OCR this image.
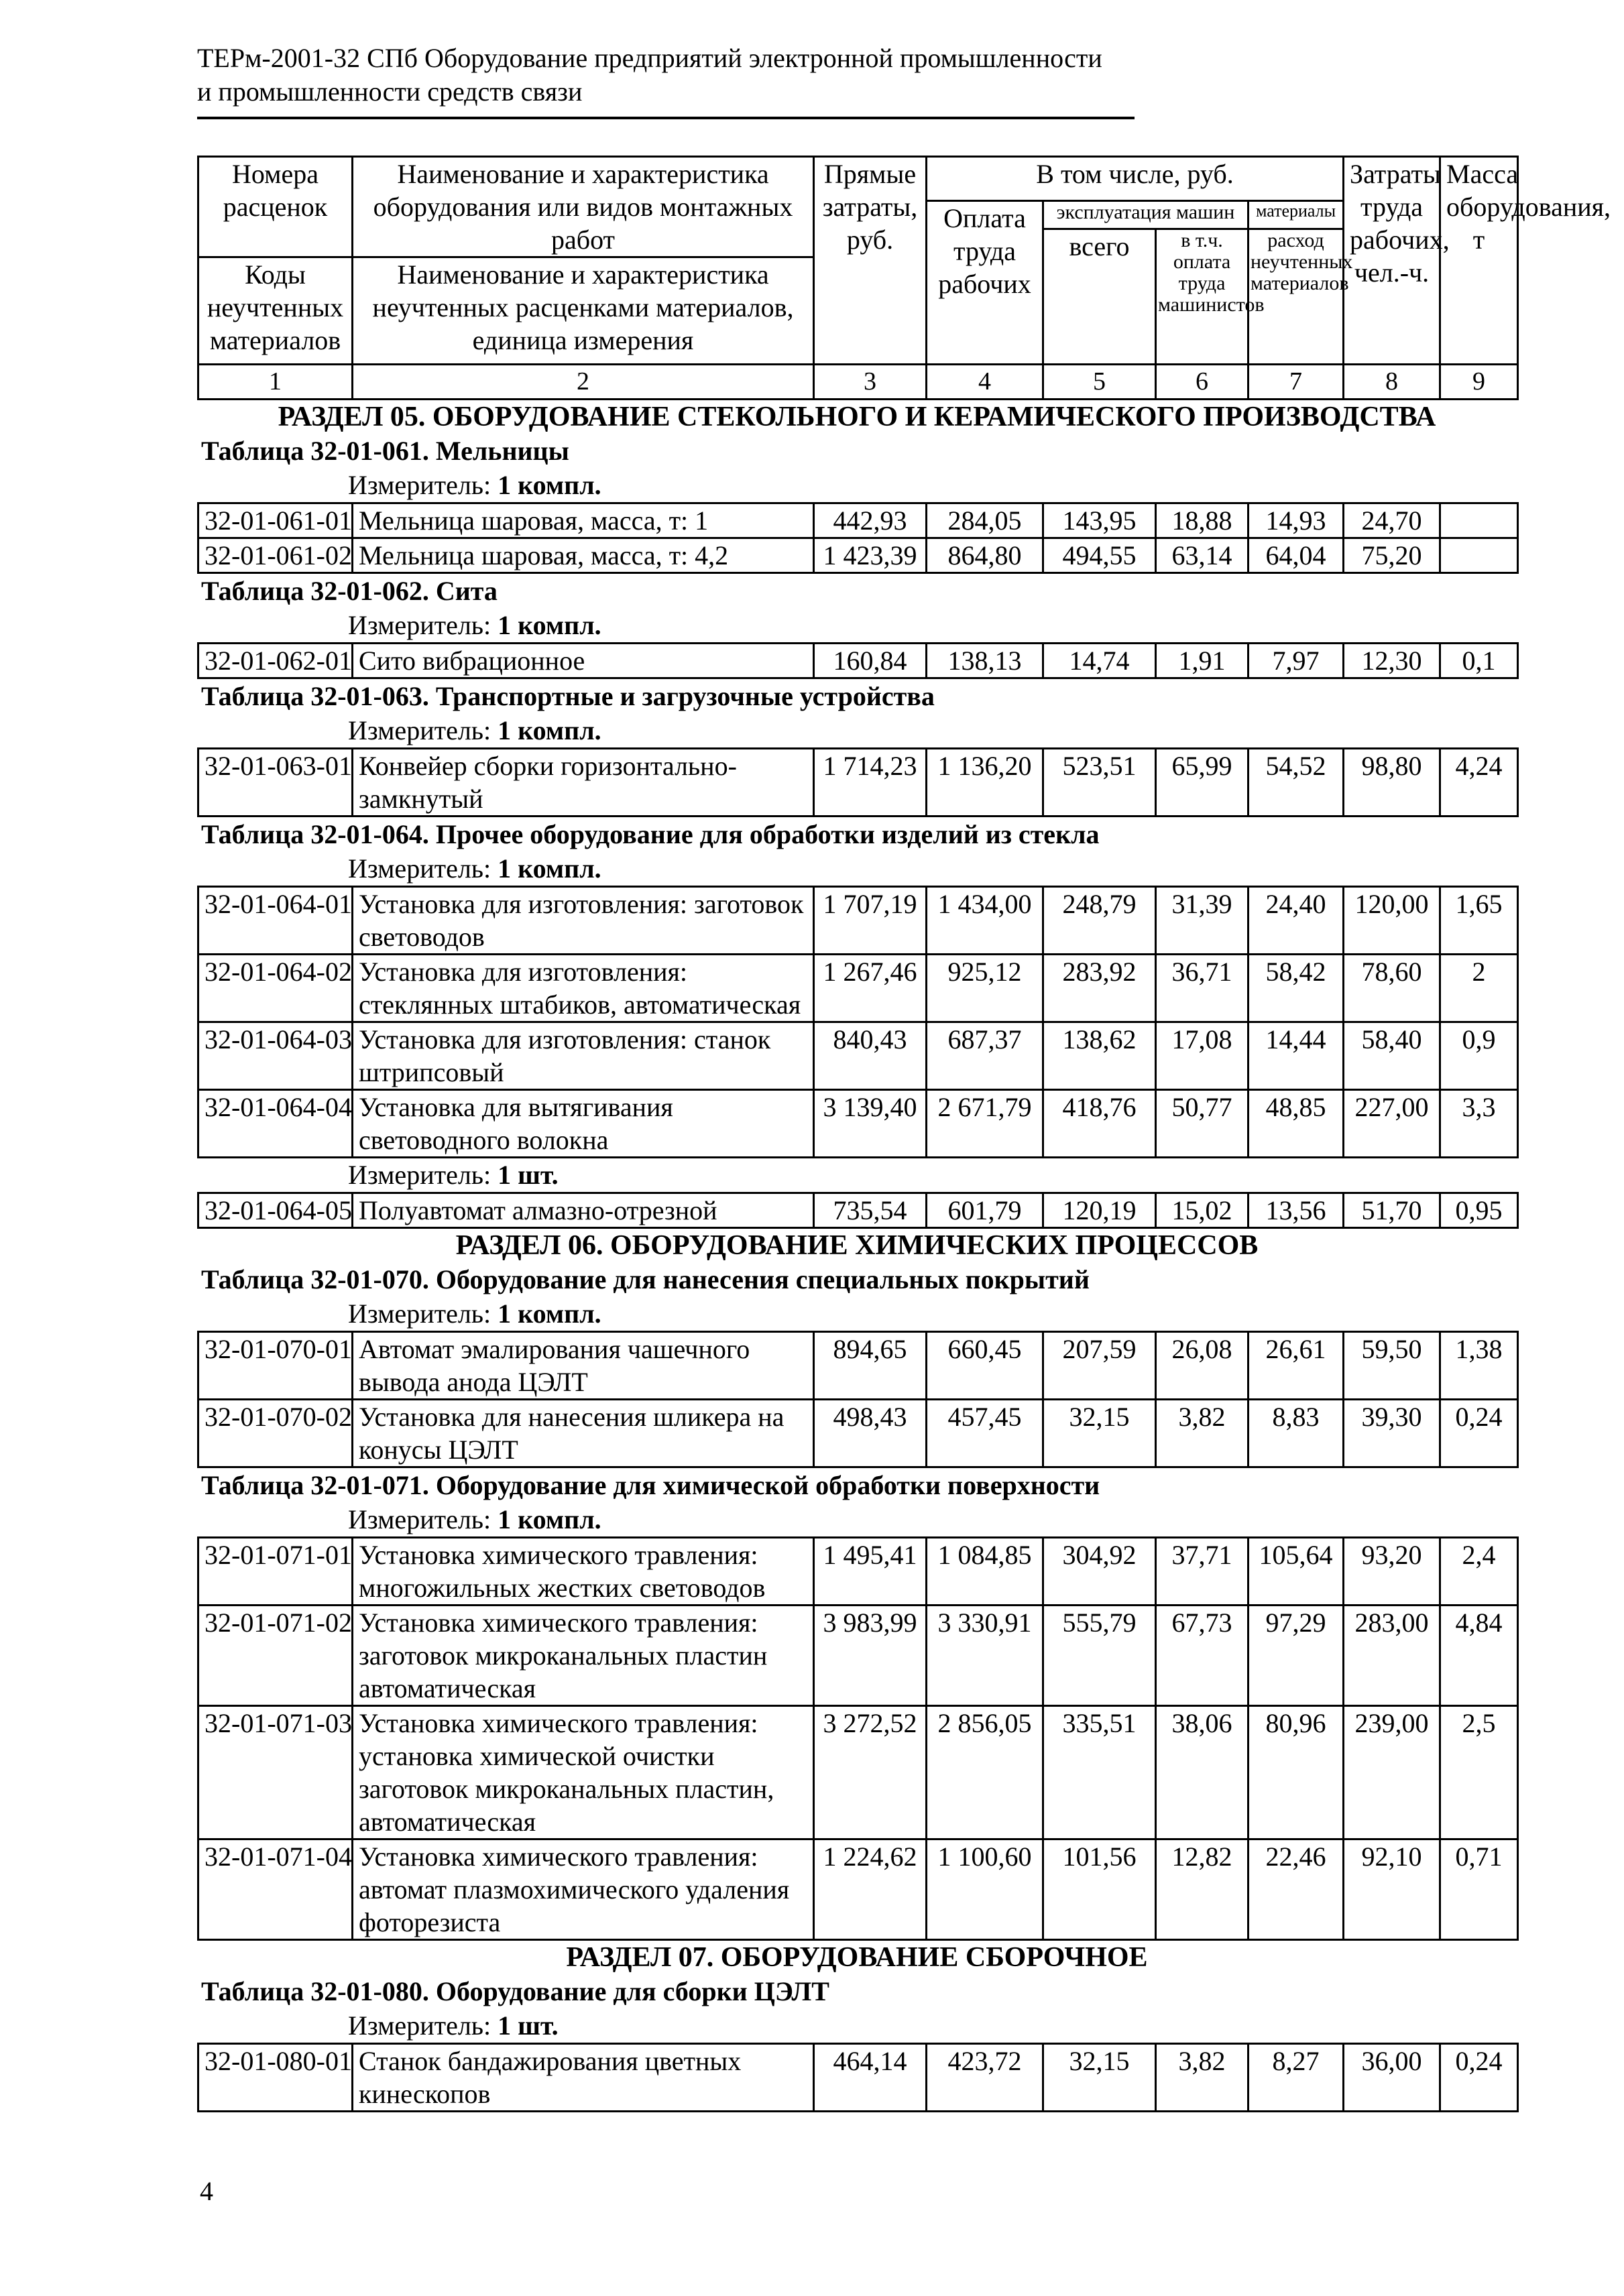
ТЕРм-2001-32 СПб Оборудование предприятий электронной промышленности
и промышленности средств связи
Номера расценок	Наименование и характеристика оборудования или видов монтажных работ	Прямые затраты, руб.	В том числе, руб.				Затраты труда рабочих, чел.-ч.	Масса оборудования, т
			Оплата труда рабочих	эксплуатация машин		материалы		
				всего	в т.ч. оплата труда машинистов	расход неучтенных материалов		
Коды неучтенных материалов	Наименование и характеристика неучтенных расценками материалов, единица измерения							

1	2	3	4	5	6	7	8	9
РАЗДЕЛ 05. ОБОРУДОВАНИЕ СТЕКОЛЬНОГО И КЕРАМИЧЕСКОГО ПРОИЗВОДСТВА
Таблица 32-01-061. Мельницы
Измеритель: 1 компл.
32-01-061-01	Мельница шаровая, масса, т: 1	442,93	284,05	143,95	18,88	14,93	24,70	
32-01-061-02	Мельница шаровая, масса, т: 4,2	1 423,39	864,80	494,55	63,14	64,04	75,20	
Таблица 32-01-062. Сита
Измеритель: 1 компл.
32-01-062-01	Сито вибрационное	160,84	138,13	14,74	1,91	7,97	12,30	0,1
Таблица 32-01-063. Транспортные и загрузочные устройства
Измеритель: 1 компл.
32-01-063-01	Конвейер сборки горизонтально-замкнутый	1 714,23	1 136,20	523,51	65,99	54,52	98,80	4,24
Таблица 32-01-064. Прочее оборудование для обработки изделий из стекла
Измеритель: 1 компл.
32-01-064-01	Установка для изготовления: заготовок световодов	1 707,19	1 434,00	248,79	31,39	24,40	120,00	1,65
32-01-064-02	Установка для изготовления: стеклянных штабиков, автоматическая	1 267,46	925,12	283,92	36,71	58,42	78,60	2
32-01-064-03	Установка для изготовления: станок штрипсовый	840,43	687,37	138,62	17,08	14,44	58,40	0,9
32-01-064-04	Установка для вытягивания световодного волокна	3 139,40	2 671,79	418,76	50,77	48,85	227,00	3,3
Измеритель: 1 шт.
32-01-064-05	Полуавтомат алмазно-отрезной	735,54	601,79	120,19	15,02	13,56	51,70	0,95
РАЗДЕЛ 06. ОБОРУДОВАНИЕ ХИМИЧЕСКИХ ПРОЦЕССОВ
Таблица 32-01-070. Оборудование для нанесения специальных покрытий
Измеритель: 1 компл.
32-01-070-01	Автомат эмалирования чашечного вывода анода ЦЭЛТ	894,65	660,45	207,59	26,08	26,61	59,50	1,38
32-01-070-02	Установка для нанесения шликера на конусы ЦЭЛТ	498,43	457,45	32,15	3,82	8,83	39,30	0,24
Таблица 32-01-071. Оборудование для химической обработки поверхности
Измеритель: 1 компл.
32-01-071-01	Установка химического травления: многожильных жестких световодов	1 495,41	1 084,85	304,92	37,71	105,64	93,20	2,4
32-01-071-02	Установка химического травления: заготовок микроканальных пластин автоматическая	3 983,99	3 330,91	555,79	67,73	97,29	283,00	4,84
32-01-071-03	Установка химического травления: установка химической очистки заготовок микроканальных пластин, автоматическая	3 272,52	2 856,05	335,51	38,06	80,96	239,00	2,5
32-01-071-04	Установка химического травления: автомат плазмохимического удаления фоторезиста	1 224,62	1 100,60	101,56	12,82	22,46	92,10	0,71
РАЗДЕЛ 07. ОБОРУДОВАНИЕ СБОРОЧНОЕ
Таблица 32-01-080. Оборудование для сборки ЦЭЛТ
Измеритель: 1 шт.
32-01-080-01	Станок бандажирования цветных кинескопов	464,14	423,72	32,15	3,82	8,27	36,00	0,24
4
